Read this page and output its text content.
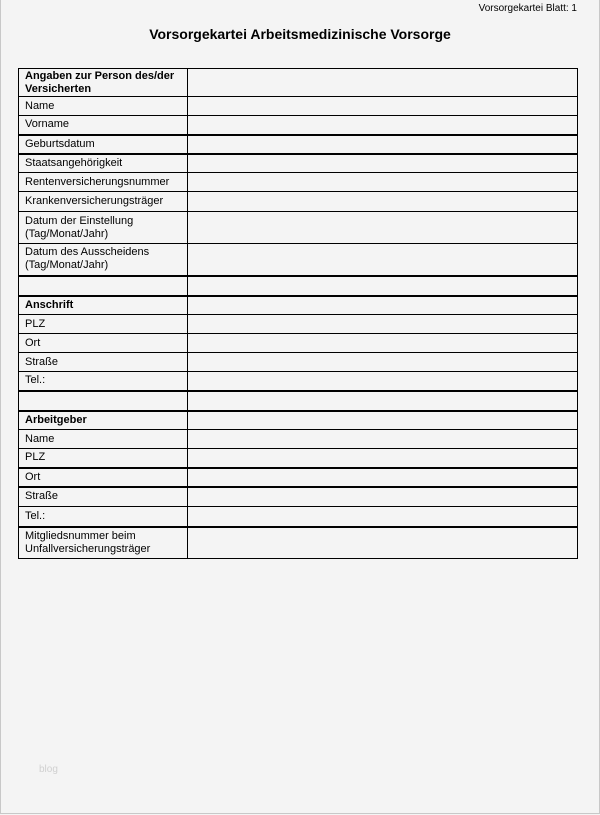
Vorsorgekartei Blatt: 1
Vorsorgekartei Arbeitsmedizinische Vorsorge
Angaben zur Person des/der Versicherten	
Name	
Vorname	
Geburtsdatum	
Staatsangehörigkeit	
Rentenversicherungsnummer	
Krankenversicherungsträger	
Datum der Einstellung (Tag/Monat/Jahr)	
Datum des Ausscheidens (Tag/Monat/Jahr)	

Anschrift	
PLZ	
Ort	
Straße	
Tel.:	

Arbeitgeber	
Name	
PLZ	
Ort	
Straße	
Tel.:	
Mitgliedsnummer beim Unfallversicherungsträger	
blog
